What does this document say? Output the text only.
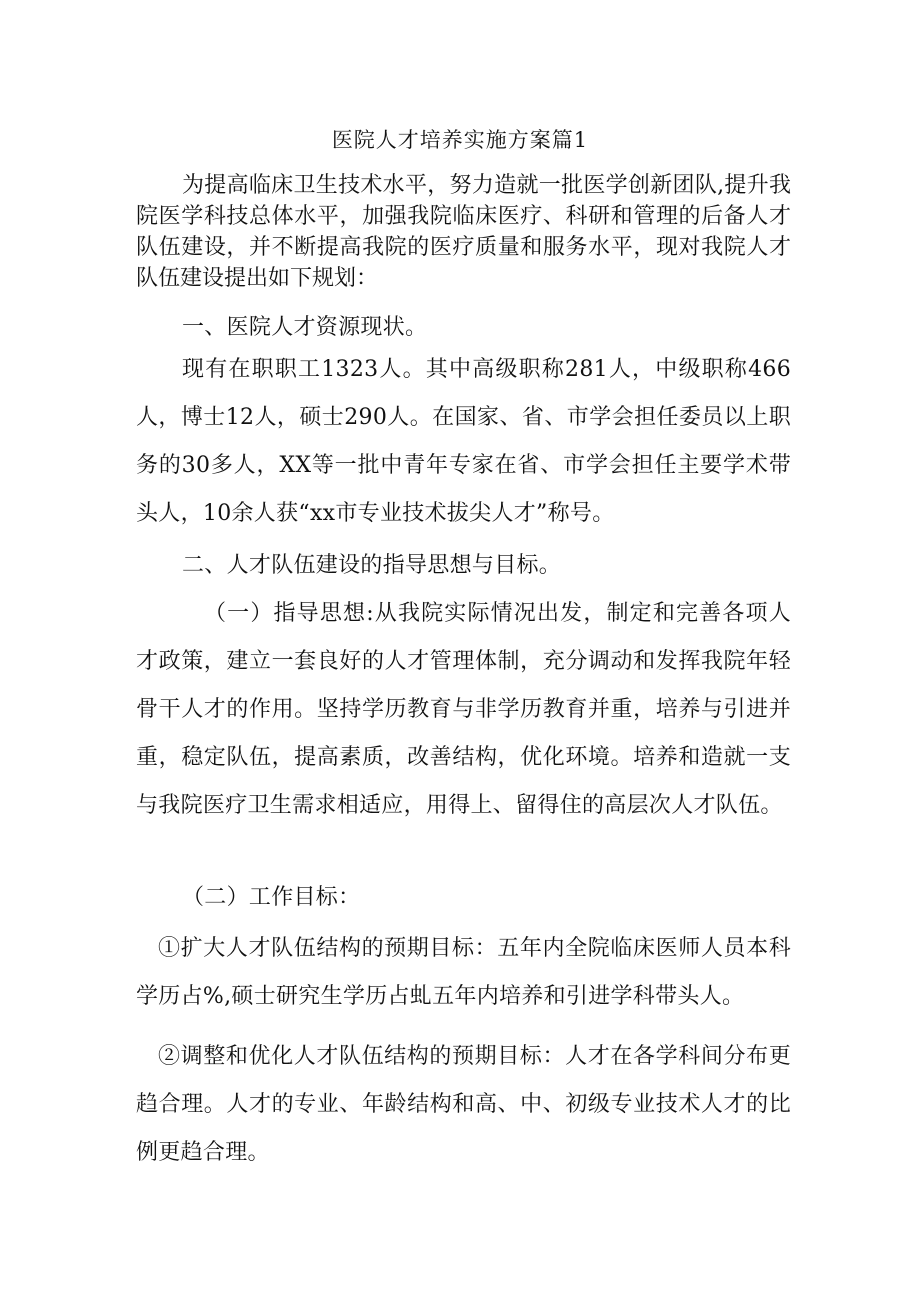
医院人才培养实施方案篇1

为提高临床卫生技术水平，努力造就一批医学创新团队,提升我院医学科技总体水平，加强我院临床医疗、科研和管理的后备人才队伍建设，并不断提高我院的医疗质量和服务水平，现对我院人才队伍建设提出如下规划：

一、医院人才资源现状。

现有在职职工1323人。其中高级职称281人，中级职称466人，博士12人，硕士290人。在国家、省、市学会担任委员以上职务的30多人，XX等一批中青年专家在省、市学会担任主要学术带头人，10余人获“xx市专业技术拔尖人才”称号。

二、人才队伍建设的指导思想与目标。

（一）指导思想:从我院实际情况出发，制定和完善各项人才政策，建立一套良好的人才管理体制，充分调动和发挥我院年轻骨干人才的作用。坚持学历教育与非学历教育并重，培养与引进并重，稳定队伍，提高素质，改善结构，优化环境。培养和造就一支与我院医疗卫生需求相适应，用得上、留得住的高层次人才队伍。

（二）工作目标：

①扩大人才队伍结构的预期目标：五年内全院临床医师人员本科学历占%,硕士研究生学历占虬五年内培养和引进学科带头人。

②调整和优化人才队伍结构的预期目标：人才在各学科间分布更趋合理。人才的专业、年龄结构和高、中、初级专业技术人才的比例更趋合理。
